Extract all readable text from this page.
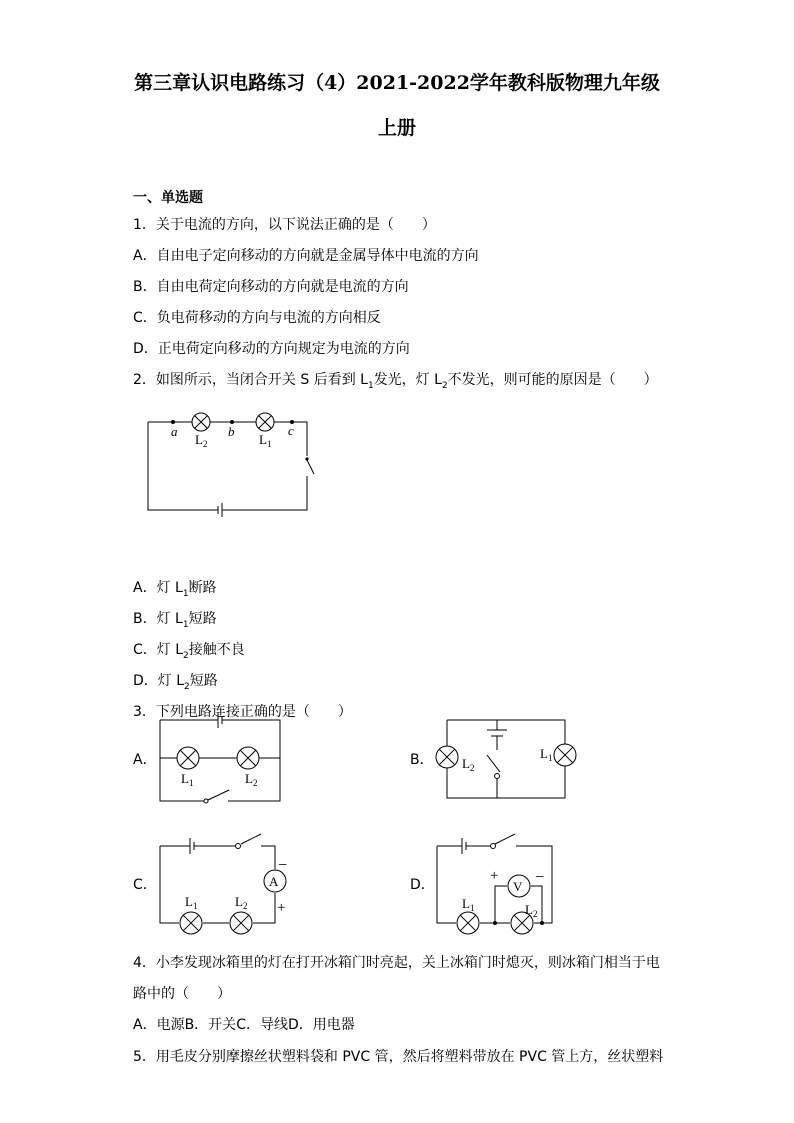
第三章认识电路练习（4）2021-2022学年教科版物理九年级
上册
一、单选题
1．关于电流的方向，以下说法正确的是（　　）
A．自由电子定向移动的方向就是金属导体中电流的方向
B．自由电荷定向移动的方向就是电流的方向
C．负电荷移动的方向与电流的方向相反
D．正电荷定向移动的方向规定为电流的方向
2．如图所示，当闭合开关 S 后看到 $L_1$发光，灯 $L_2$不发光，则可能的原因是（　　）
a	b	c
$L_2$	$L_1$
A．灯 $L_1$断路
B．灯 $L_1$短路
C．灯 $L_2$接触不良
D．灯 $L_2$短路
3．下列电路连接正确的是（　　）
A．
$L_1$	$L_2$
B． $L_2$
$L_1$
C．	A
−
+
$L_1$	$L_2$
D．	V
+ −
$L_1$	$L_2$
4．小李发现冰箱里的灯在打开冰箱门时亮起，关上冰箱门时熄灭，则冰箱门相当于电
路中的（　　）
A．电源B．开关C．导线D．用电器
5．用毛皮分别摩擦丝状塑料袋和 PVC 管，然后将塑料带放在 PVC 管上方，丝状塑料
